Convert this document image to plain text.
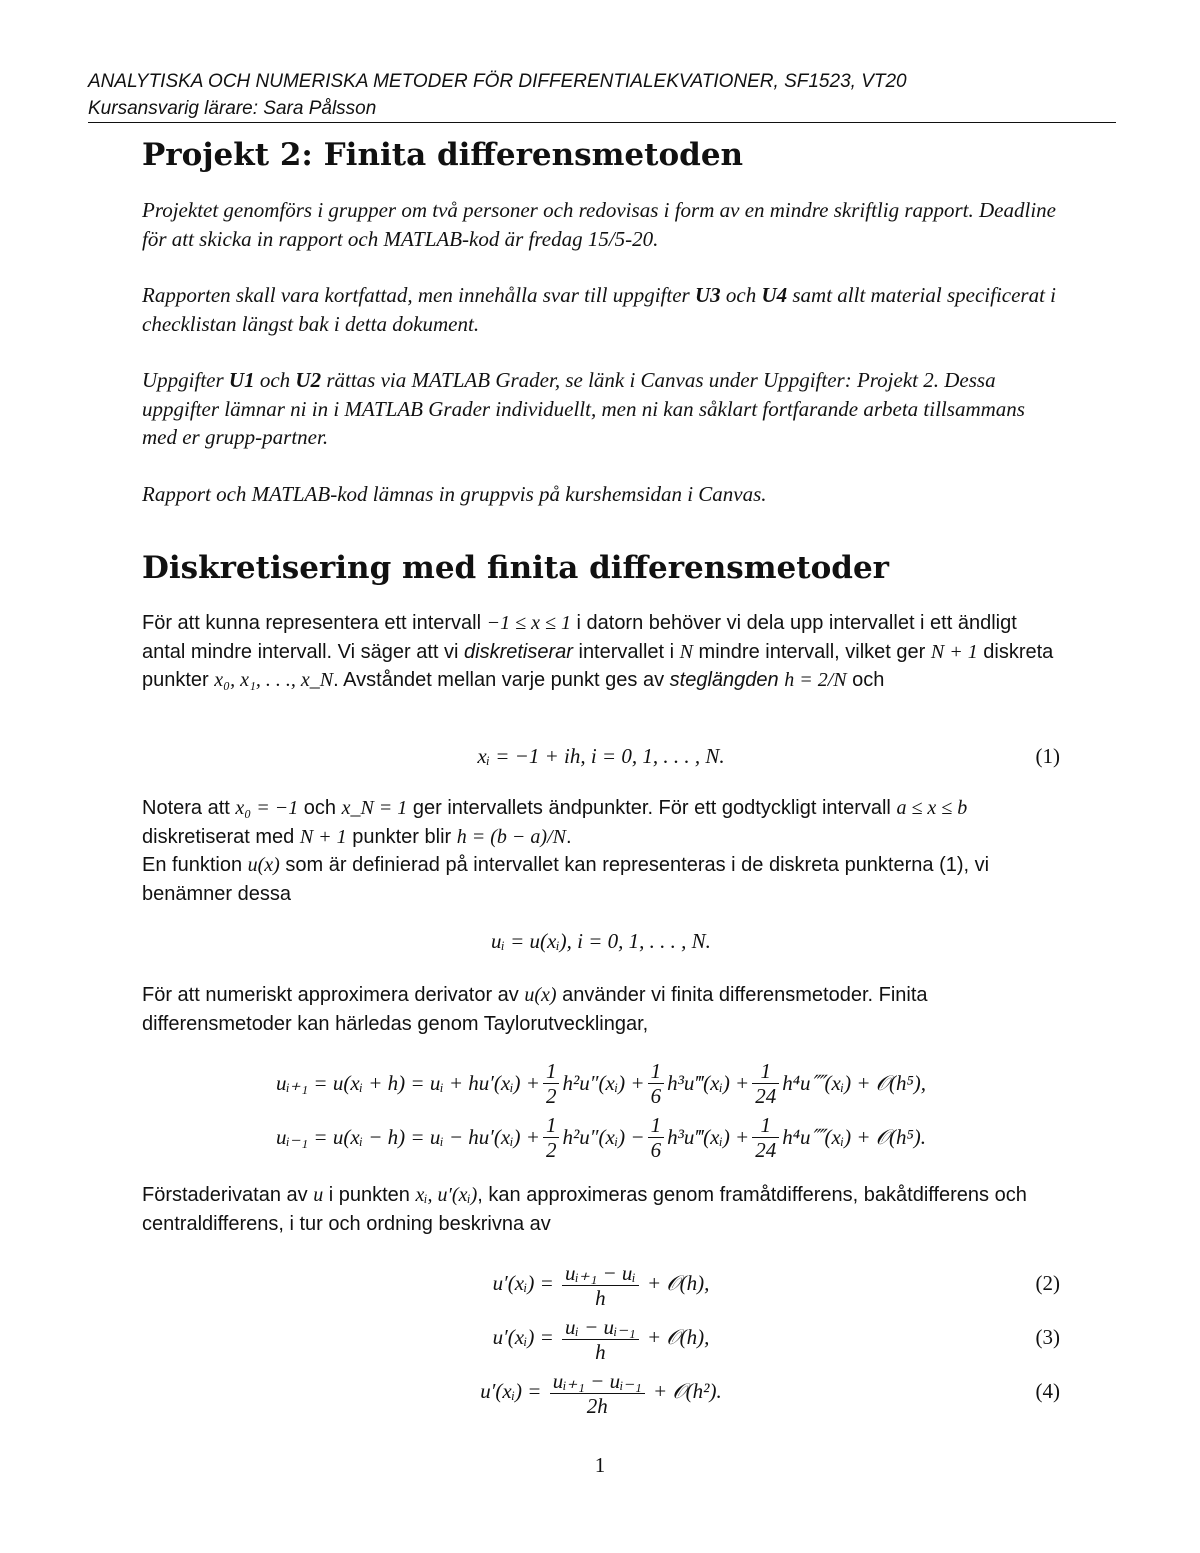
ANALYTISKA OCH NUMERISKA METODER FÖR DIFFERENTIALEKVATIONER, SF1523, VT20
Kursansvarig lärare: Sara Pålsson
Projekt 2: Finita differensmetoden

Projektet genomförs i grupper om två personer och redovisas i form av en mindre skriftlig rapport. Deadline för att skicka in rapport och MATLAB-kod är fredag 15/5-20.

Rapporten skall vara kortfattad, men innehålla svar till uppgifter U3 och U4 samt allt material specificerat i checklistan längst bak i detta dokument.

Uppgifter U1 och U2 rättas via MATLAB Grader, se länk i Canvas under Uppgifter: Projekt 2. Dessa uppgifter lämnar ni in i MATLAB Grader individuellt, men ni kan såklart fortfarande arbeta tillsammans med er grupp-partner.

Rapport och MATLAB-kod lämnas in gruppvis på kurshemsidan i Canvas.

Diskretisering med finita differensmetoder

För att kunna representera ett intervall −1 ≤ x ≤ 1 i datorn behöver vi dela upp intervallet i ett ändligt antal mindre intervall. Vi säger att vi diskretiserar intervallet i N mindre intervall, vilket ger N + 1 diskreta punkter x₀, x₁, . . ., x_N. Avståndet mellan varje punkt ges av steglängden h = 2/N och

xᵢ = −1 + ih, i = 0, 1, . . . , N.	(1)

Notera att x₀ = −1 och x_N = 1 ger intervallets ändpunkter. För ett godtyckligt intervall a ≤ x ≤ b diskretiserat med N + 1 punkter blir h = (b − a)/N.

En funktion u(x) som är definierad på intervallet kan representeras i de diskreta punkterna (1), vi benämner dessa

uᵢ = u(xᵢ), i = 0, 1, . . . , N.

För att numeriskt approximera derivator av u(x) använder vi finita differensmetoder. Finita differensmetoder kan härledas genom Taylorutvecklingar,

uᵢ₊₁ = u(xᵢ + h) = uᵢ + hu′(xᵢ) + $\frac{1}{2}$ h²u″(xᵢ) + $\frac{1}{6}$ h³u‴(xᵢ) + $\frac{1}{24}$ h⁴u⁗(xᵢ) + 𝒪(h⁵),
uᵢ₋₁ = u(xᵢ − h) = uᵢ − hu′(xᵢ) + $\frac{1}{2}$ h²u″(xᵢ) − $\frac{1}{6}$ h³u‴(xᵢ) + $\frac{1}{24}$ h⁴u⁗(xᵢ) + 𝒪(h⁵).

Förstaderivatan av u i punkten xᵢ, u′(xᵢ), kan approximeras genom framåtdifferens, bakåtdifferens och centraldifferens, i tur och ordning beskrivna av

u′(xᵢ) = $\frac{\text{uᵢ₊₁ − uᵢ}}{h}$ + 𝒪(h),	(2)
u′(xᵢ) = $\frac{\text{uᵢ − uᵢ₋₁}}{h}$ + 𝒪(h),	(3)
u′(xᵢ) = $\frac{\text{uᵢ₊₁ − uᵢ₋₁}}{2h}$ + 𝒪(h²).	(4)
1
